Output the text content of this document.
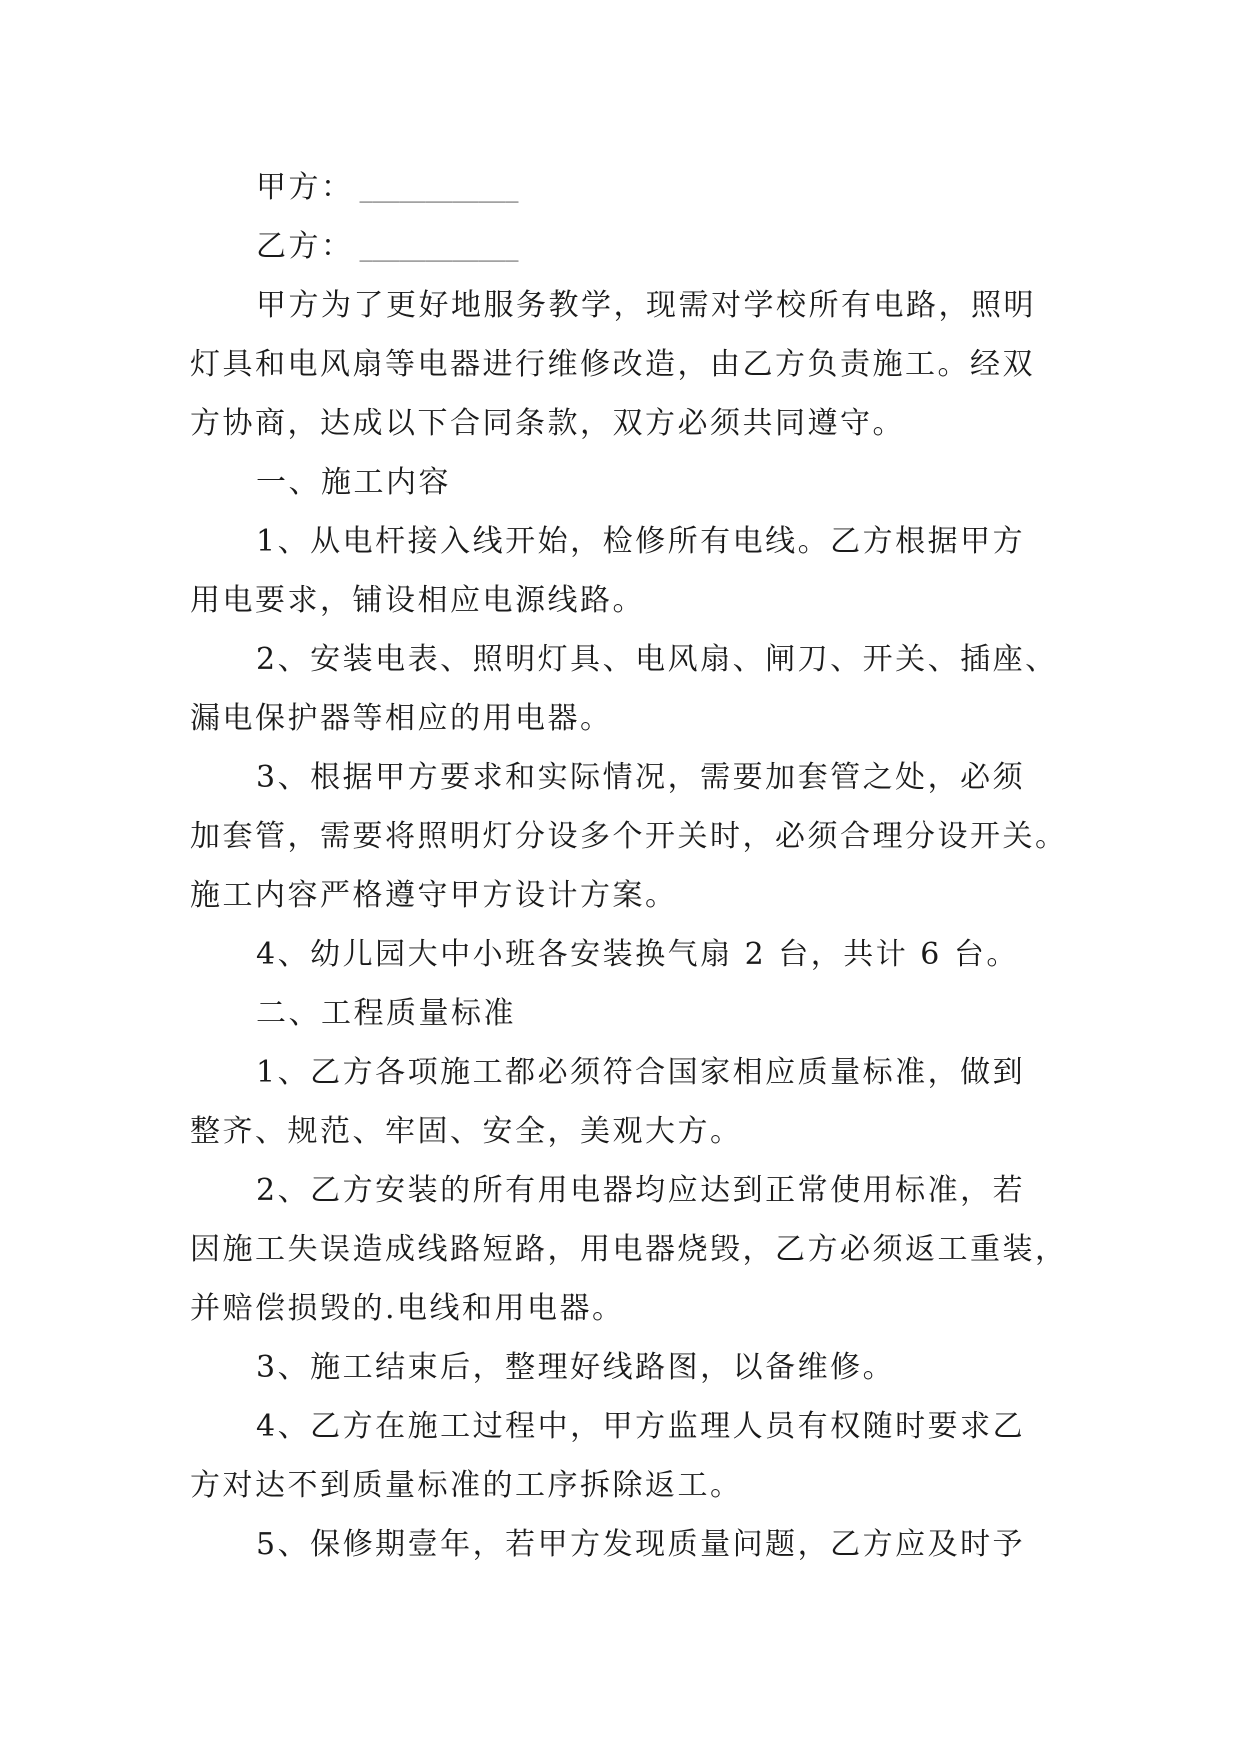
甲方： ____________
乙方： ____________
甲方为了更好地服务教学，现需对学校所有电路，照明
灯具和电风扇等电器进行维修改造，由乙方负责施工。经双
方协商，达成以下合同条款，双方必须共同遵守。
一、施工内容
1、从电杆接入线开始，检修所有电线。乙方根据甲方
用电要求，铺设相应电源线路。
2、安装电表、照明灯具、电风扇、闸刀、开关、插座、
漏电保护器等相应的用电器。
3、根据甲方要求和实际情况，需要加套管之处，必须
加套管，需要将照明灯分设多个开关时，必须合理分设开关。
施工内容严格遵守甲方设计方案。
4、幼儿园大中小班各安装换气扇 2 台，共计 6 台。
二、工程质量标准
1、乙方各项施工都必须符合国家相应质量标准，做到
整齐、规范、牢固、安全，美观大方。
2、乙方安装的所有用电器均应达到正常使用标准，若
因施工失误造成线路短路，用电器烧毁，乙方必须返工重装，
并赔偿损毁的.电线和用电器。
3、施工结束后，整理好线路图，以备维修。
4、乙方在施工过程中，甲方监理人员有权随时要求乙
方对达不到质量标准的工序拆除返工。
5、保修期壹年，若甲方发现质量问题，乙方应及时予
